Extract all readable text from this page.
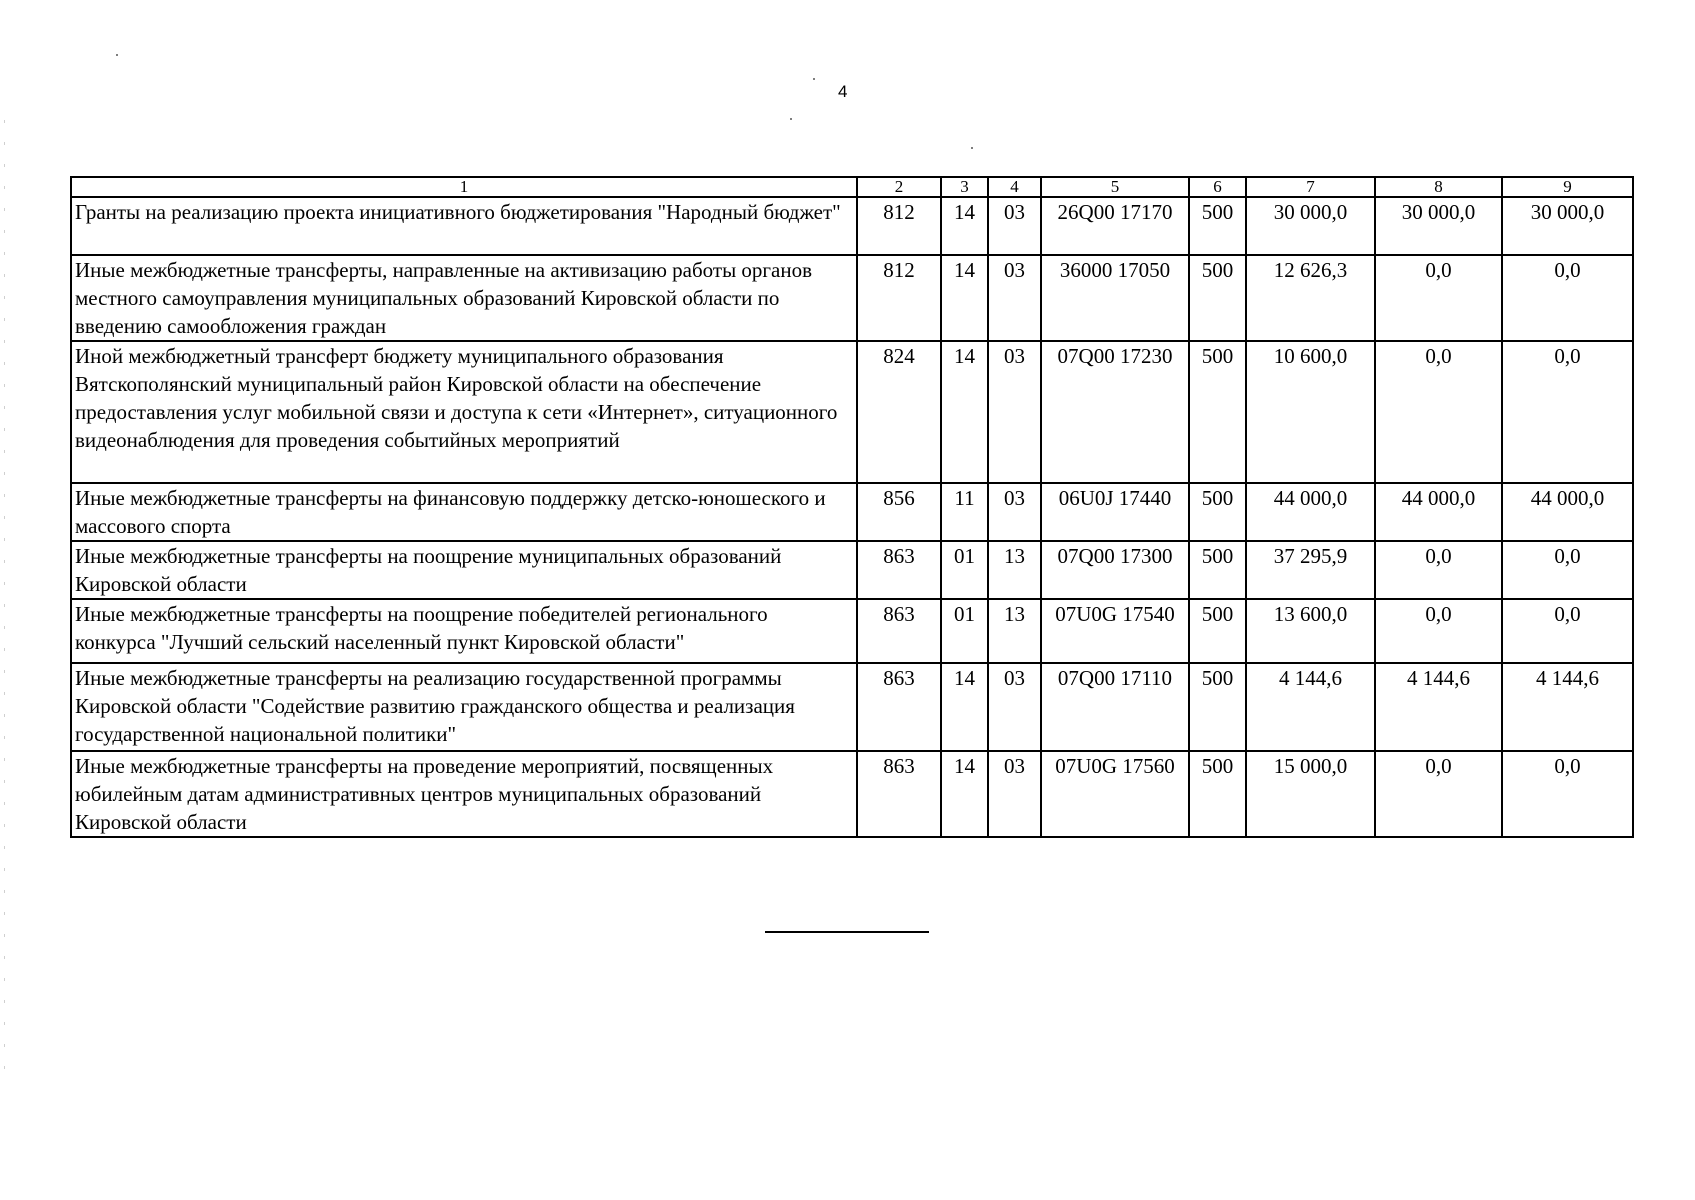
4
1	2	3	4	5	6	7	8	9
Гранты на реализацию проекта инициативного бюджетирования "Народный бюджет"	812	14	03	26Q00 17170	500	30 000,0	30 000,0	30 000,0
Иные межбюджетные трансферты, направленные на активизацию работы органов местного самоуправления муниципальных образований Кировской области по введению самообложения граждан	812	14	03	36000 17050	500	12 626,3	0,0	0,0
Иной межбюджетный трансферт бюджету муниципального образования Вятскополянский муниципальный район Кировской области на обеспечение предоставления услуг мобильной связи и доступа к сети «Интернет», ситуационного видеонаблюдения для проведения событийных мероприятий	824	14	03	07Q00 17230	500	10 600,0	0,0	0,0
Иные межбюджетные трансферты на финансовую поддержку детско-юношеского и массового спорта	856	11	03	06U0J 17440	500	44 000,0	44 000,0	44 000,0
Иные межбюджетные трансферты на поощрение муниципальных образований Кировской области	863	01	13	07Q00 17300	500	37 295,9	0,0	0,0
Иные межбюджетные трансферты на поощрение победителей регионального конкурса "Лучший сельский населенный пункт Кировской области"	863	01	13	07U0G 17540	500	13 600,0	0,0	0,0
Иные межбюджетные трансферты на реализацию государственной программы Кировской области "Содействие развитию гражданского общества и реализация государственной национальной политики"	863	14	03	07Q00 17110	500	4 144,6	4 144,6	4 144,6
Иные межбюджетные трансферты на проведение мероприятий, посвященных юбилейным датам административных центров муниципальных образований Кировской области	863	14	03	07U0G 17560	500	15 000,0	0,0	0,0
